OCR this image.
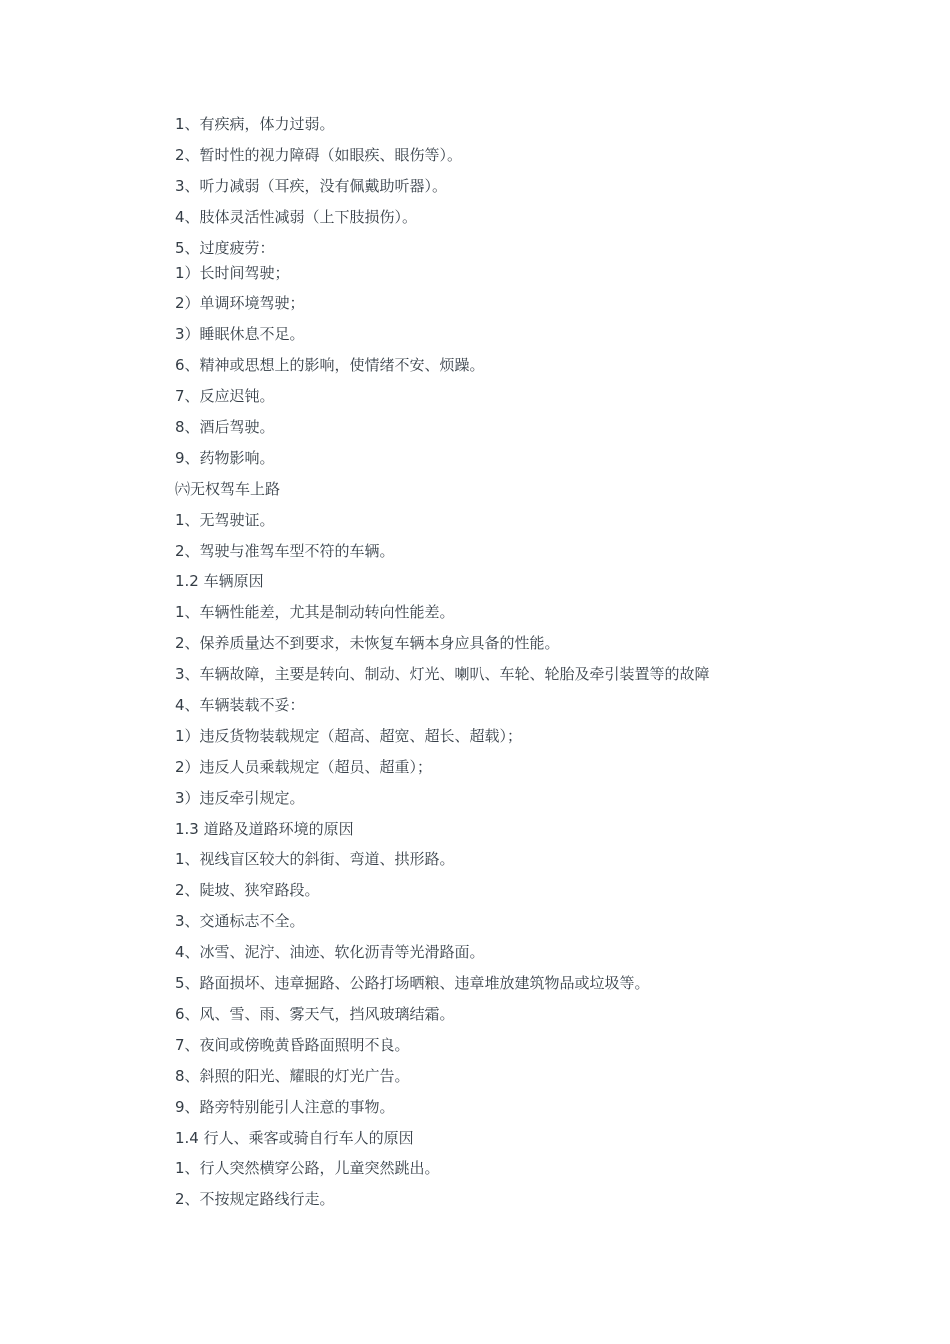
1、有疾病，体力过弱。
2、暂时性的视力障碍（如眼疾、眼伤等）。
3、听力减弱（耳疾，没有佩戴助听器）。
4、肢体灵活性减弱（上下肢损伤）。
5、过度疲劳：
1）长时间驾驶；
2）单调环境驾驶；
3）睡眠休息不足。
6、精神或思想上的影响，使情绪不安、烦躁。
7、反应迟钝。
8、酒后驾驶。
9、药物影响。
㈥无权驾车上路
1、无驾驶证。
2、驾驶与准驾车型不符的车辆。
1.2 车辆原因
1、车辆性能差，尤其是制动转向性能差。
2、保养质量达不到要求，未恢复车辆本身应具备的性能。
3、车辆故障，主要是转向、制动、灯光、喇叭、车轮、轮胎及牵引装置等的故障
4、车辆装载不妥：
1）违反货物装载规定（超高、超宽、超长、超载）；
2）违反人员乘载规定（超员、超重）；
3）违反牵引规定。
1.3 道路及道路环境的原因
1、视线盲区较大的斜街、弯道、拱形路。
2、陡坡、狭窄路段。
3、交通标志不全。
4、冰雪、泥泞、油迹、软化沥青等光滑路面。
5、路面损坏、违章掘路、公路打场晒粮、违章堆放建筑物品或垃圾等。
6、风、雪、雨、雾天气，挡风玻璃结霜。
7、夜间或傍晚黄昏路面照明不良。
8、斜照的阳光、耀眼的灯光广告。
9、路旁特别能引人注意的事物。
1.4 行人、乘客或骑自行车人的原因
1、行人突然横穿公路，儿童突然跳出。
2、不按规定路线行走。
